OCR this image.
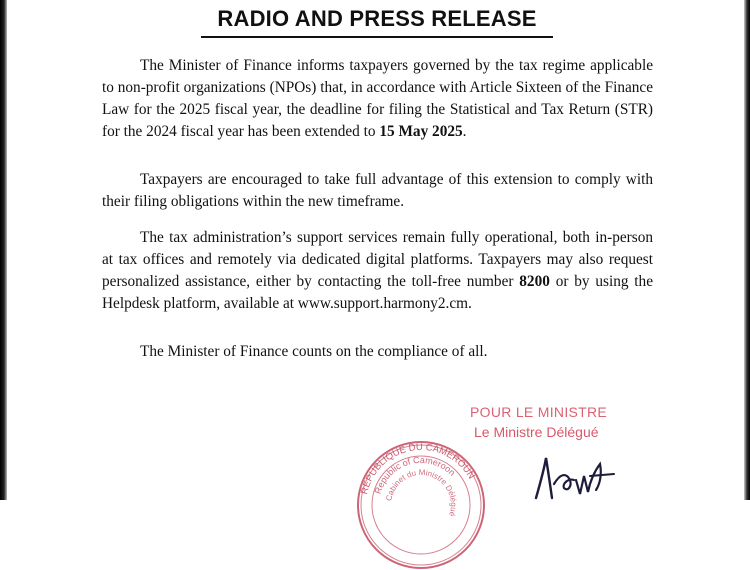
RADIO AND PRESS RELEASE
The Minister of Finance informs taxpayers governed by the tax regime applicable to non-profit organizations (NPOs) that, in accordance with Article Sixteen of the Finance Law for the 2025 fiscal year, the deadline for filing the Statistical and Tax Return (STR) for the 2024 fiscal year has been extended to 15 May 2025.
Taxpayers are encouraged to take full advantage of this extension to comply with their filing obligations within the new timeframe.
The tax administration’s support services remain fully operational, both in-person at tax offices and remotely via dedicated digital platforms. Taxpayers may also request personalized assistance, either by contacting the toll-free number 8200 or by using the Helpdesk platform, available at www.support.harmony2.cm.
The Minister of Finance counts on the compliance of all.
POUR LE MINISTRE
Le Ministre Délégué
REPUBLIQUE DU CAMEROUN
Republic of Cameroon
Cabinet du Ministre Délégué
